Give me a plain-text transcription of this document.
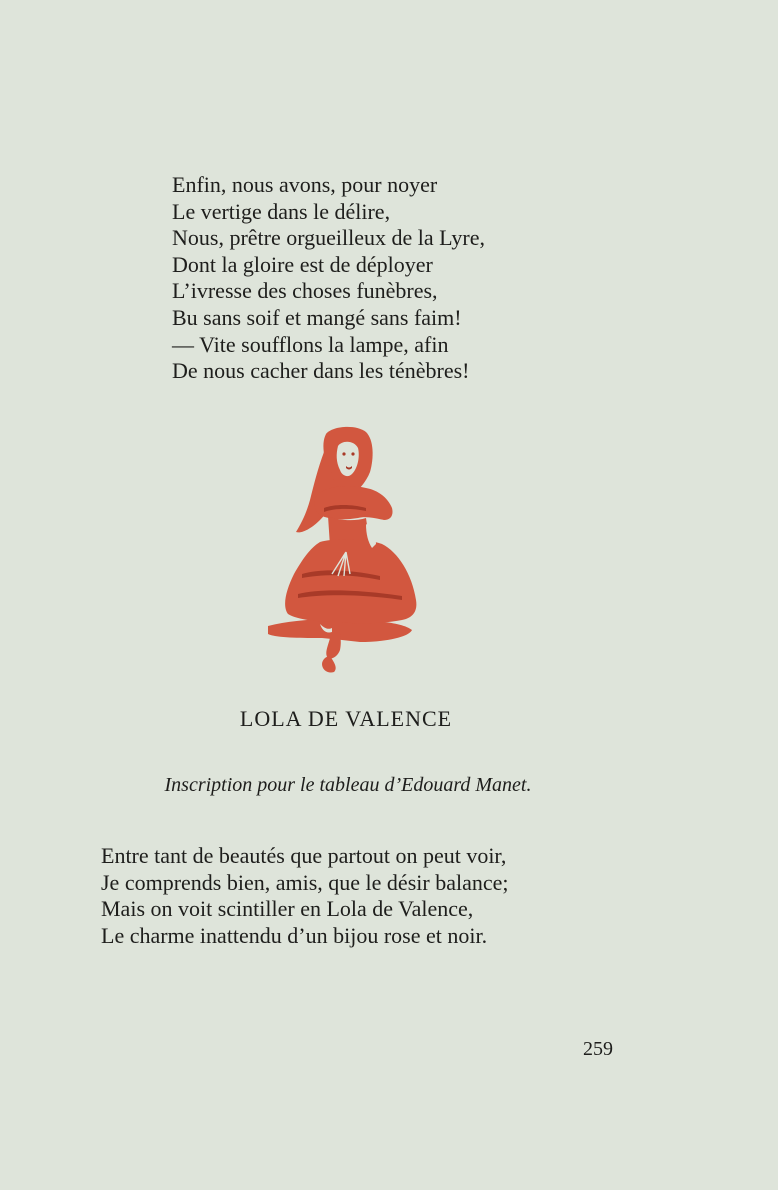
Enfin, nous avons, pour noyer
Le vertige dans le délire,
Nous, prêtre orgueilleux de la Lyre,
Dont la gloire est de déployer
L’ivresse des choses funèbres,
Bu sans soif et mangé sans faim!
— Vite soufflons la lampe, afin
De nous cacher dans les ténèbres!
LOLA DE VALENCE

Inscription pour le tableau d’Edouard Manet.

Entre tant de beautés que partout on peut voir,
Je comprends bien, amis, que le désir balance;
Mais on voit scintiller en Lola de Valence,
Le charme inattendu d’un bijou rose et noir.
259
